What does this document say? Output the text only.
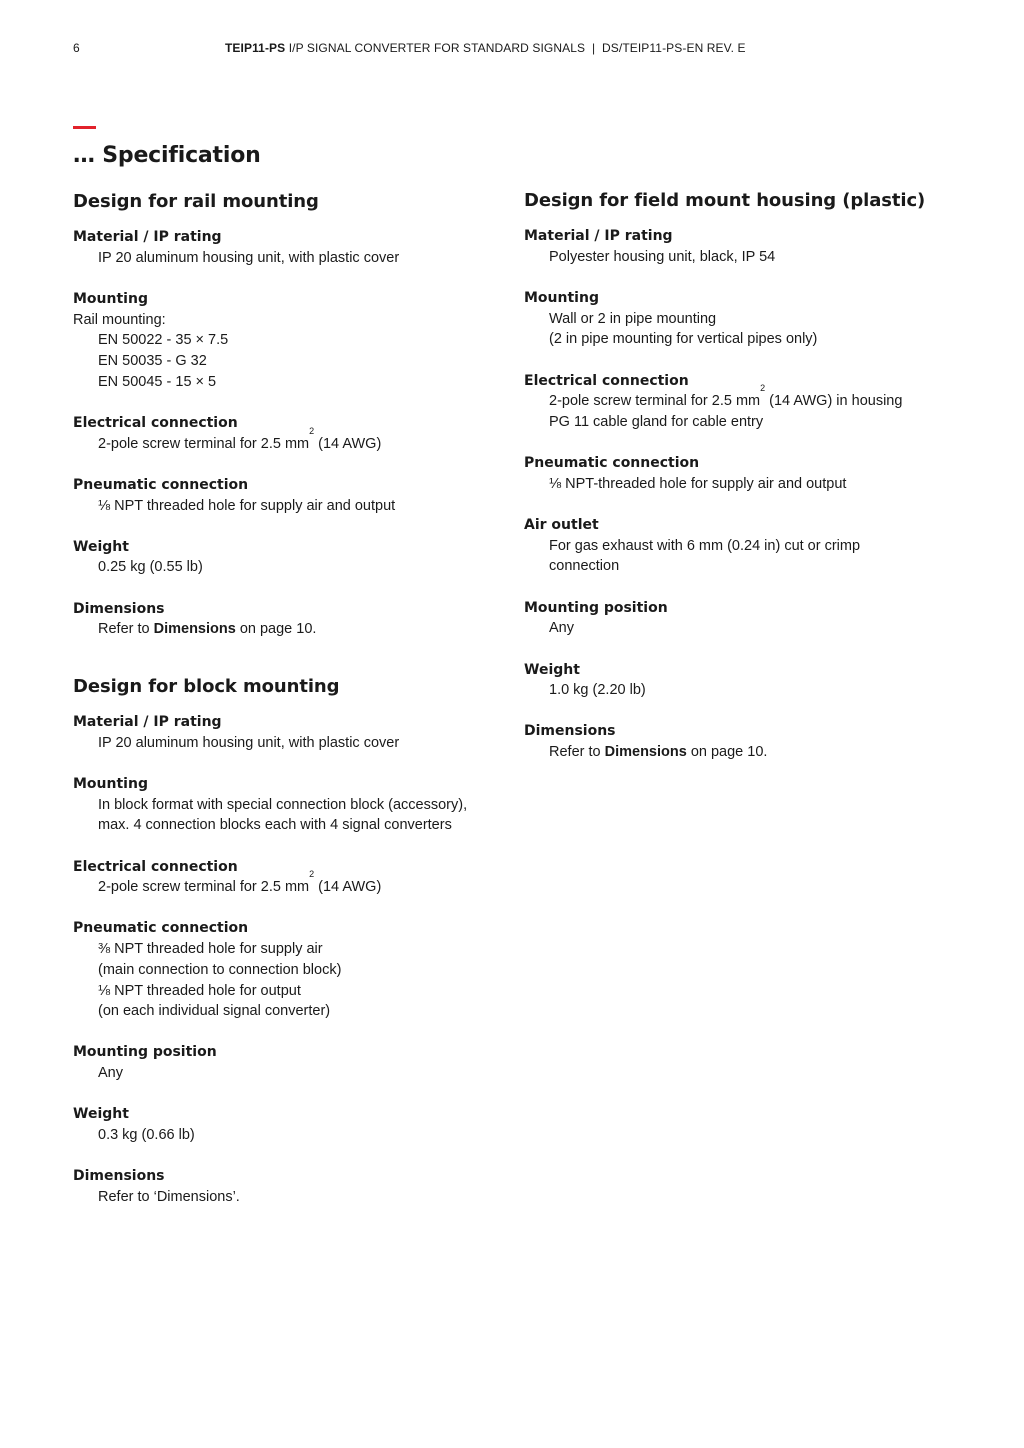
6	TEIP11-PS I/P SIGNAL CONVERTER FOR STANDARD SIGNALS  |  DS/TEIP11-PS-EN REV. E
… Specification
Design for rail mounting
Material / IP rating
IP 20 aluminum housing unit, with plastic cover
Mounting
Rail mounting:
EN 50022 - 35 × 7.5
EN 50035 - G 32
EN 50045 - 15 × 5
Electrical connection
2-pole screw terminal for 2.5 $mm^2$ (14 AWG)
Pneumatic connection
⅛ NPT threaded hole for supply air and output
Weight
0.25 kg (0.55 lb)
Dimensions
Refer to Dimensions on page 10.
Design for block mounting
Material / IP rating
IP 20 aluminum housing unit, with plastic cover
Mounting
In block format with special connection block (accessory),
max. 4 connection blocks each with 4 signal converters
Electrical connection
2-pole screw terminal for 2.5 $mm^2$ (14 AWG)
Pneumatic connection
⅜ NPT threaded hole for supply air
(main connection to connection block)
⅛ NPT threaded hole for output
(on each individual signal converter)
Mounting position
Any
Weight
0.3 kg (0.66 lb)
Dimensions
Refer to ‘Dimensions’.
Design for field mount housing (plastic)
Material / IP rating
Polyester housing unit, black, IP 54
Mounting
Wall or 2 in pipe mounting
(2 in pipe mounting for vertical pipes only)
Electrical connection
2-pole screw terminal for 2.5 $mm^2$ (14 AWG) in housing
PG 11 cable gland for cable entry
Pneumatic connection
⅛ NPT-threaded hole for supply air and output
Air outlet
For gas exhaust with 6 mm (0.24 in) cut or crimp
connection
Mounting position
Any
Weight
1.0 kg (2.20 lb)
Dimensions
Refer to Dimensions on page 10.
